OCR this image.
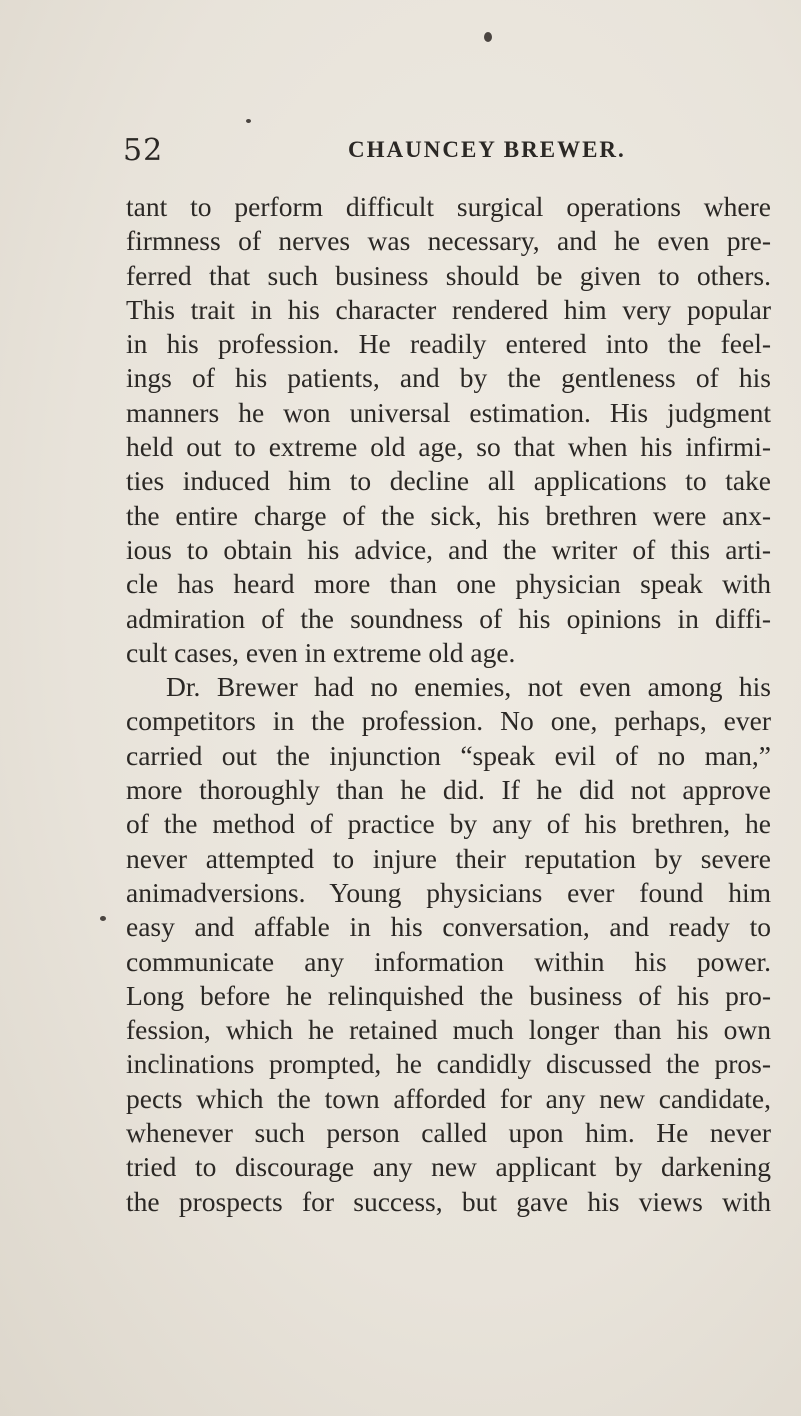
52	CHAUNCEY BREWER.
tant to perform difficult surgical operations where
firmness of nerves was necessary, and he even pre-
ferred that such business should be given to others.
This trait in his character rendered him very popular
in his profession. He readily entered into the feel-
ings of his patients, and by the gentleness of his
manners he won universal estimation. His judgment
held out to extreme old age, so that when his infirmi-
ties induced him to decline all applications to take
the entire charge of the sick, his brethren were anx-
ious to obtain his advice, and the writer of this arti-
cle has heard more than one physician speak with
admiration of the soundness of his opinions in diffi-
cult cases, even in extreme old age.
Dr. Brewer had no enemies, not even among his
competitors in the profession. No one, perhaps, ever
carried out the injunction “speak evil of no man,”
more thoroughly than he did. If he did not approve
of the method of practice by any of his brethren, he
never attempted to injure their reputation by severe
animadversions. Young physicians ever found him
easy and affable in his conversation, and ready to
communicate any information within his power.
Long before he relinquished the business of his pro-
fession, which he retained much longer than his own
inclinations prompted, he candidly discussed the pros-
pects which the town afforded for any new candidate,
whenever such person called upon him. He never
tried to discourage any new applicant by darkening
the prospects for success, but gave his views with
